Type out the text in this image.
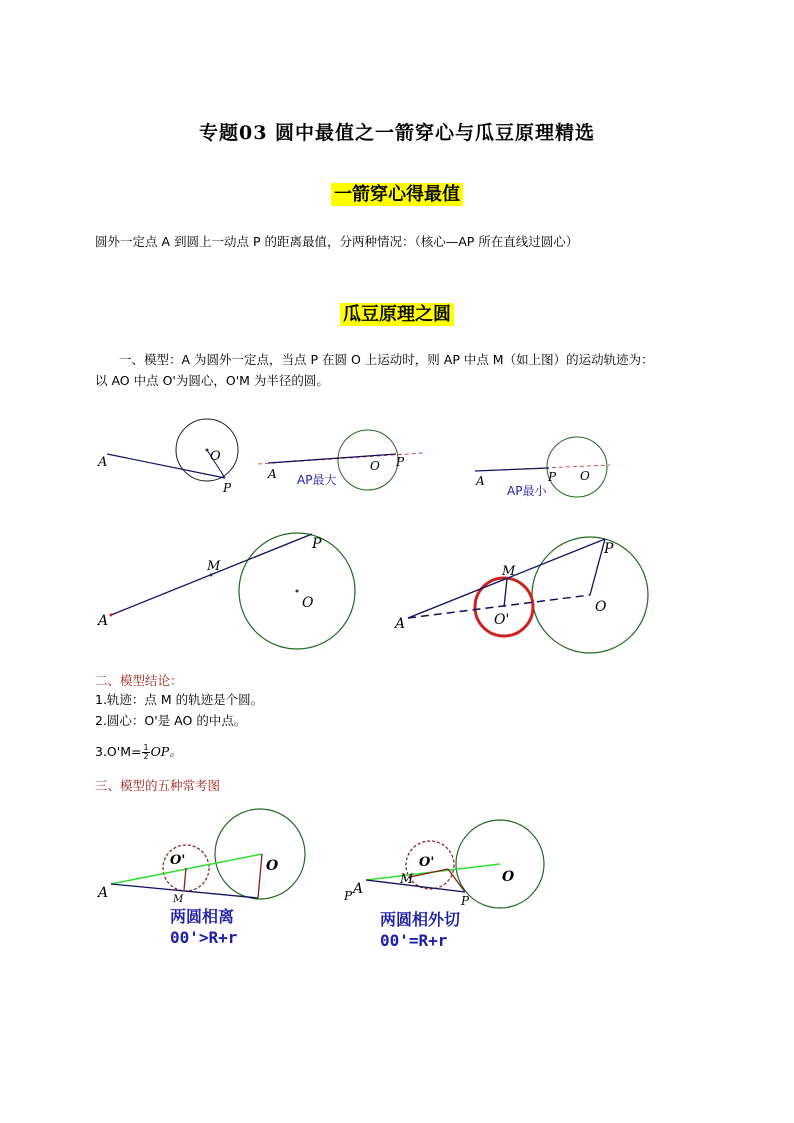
专题03 圆中最值之一箭穿心与瓜豆原理精选
一箭穿心得最值
圆外一定点 A 到圆上一动点 P 的距离最值，分两种情况：（核心—AP 所在直线过圆心）
瓜豆原理之圆
一、模型：A 为圆外一定点，当点 P 在圆 O 上运动时，则 AP 中点 M（如上图）的运动轨迹为：
以 AO 中点 O'为圆心，O'M 为半径的圆。
A	O
P
A
O P
AP最大	A	O
P
AP最小
A
M
O
P
A
M
O'
O
P
二、模型结论：
1.轨迹：点 M 的轨迹是个圆。
2.圆心：O'是 AO 的中点。
$3.O'M= \frac{1}{2}$ OP。
三、模型的五种常考图
A
O'
M
O
A
O'
M	O
P
P
两圆相离
00'>R+r
两圆相外切
00'=R+r
